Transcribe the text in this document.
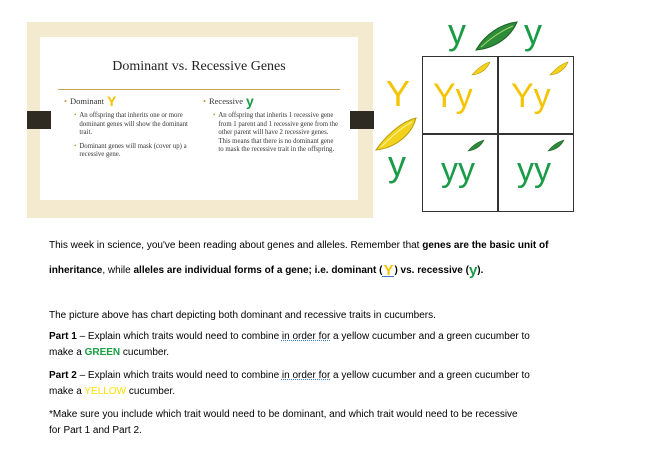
Dominant vs. Recessive Genes
• Dominant Y
• An offspring that inherits one or more dominant genes will show the dominant trait.
• Dominant genes will mask (cover up) a recessive gene.
• Recessive y
• An offspring that inherits 1 recessive gene from 1 parent and 1 recessive gene from the other parent will have 2 recessive genes. This means that there is no dominant gene to mask the recessive trait in the offspring.
y y
Y
y
Yy Yy
yy yy
This week in science, you've been reading about genes and alleles. Remember that genes are the basic unit of
inheritance, while alleles are individual forms of a gene; i.e. dominant (Y) vs. recessive (y).
The picture above has chart depicting both dominant and recessive traits in cucumbers.
Part 1 – Explain which traits would need to combine in order for a yellow cucumber and a green cucumber to
make a GREEN cucumber.
Part 2 – Explain which traits would need to combine in order for a yellow cucumber and a green cucumber to
make a YELLOW cucumber.
*Make sure you include which trait would need to be dominant, and which trait would need to be recessive
for Part 1 and Part 2.
